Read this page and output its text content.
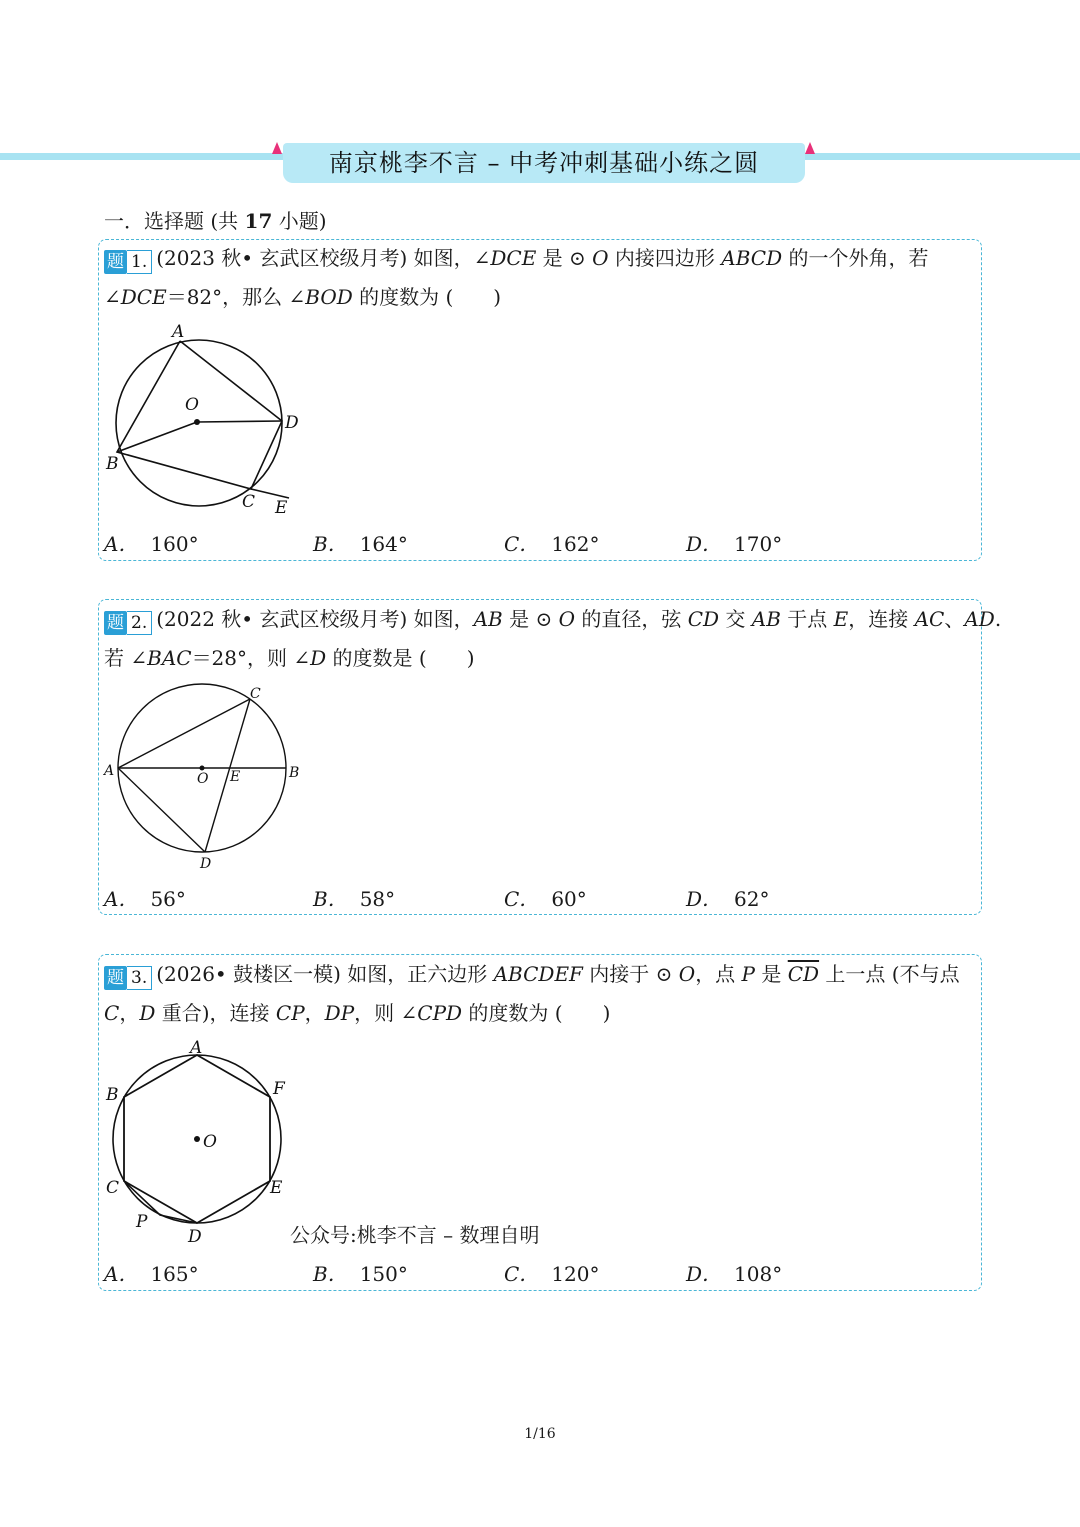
南京桃李不言 – 中考冲刺基础小练之圆
一．选择题 (共 17 小题)
题 1. (2023 秋• 玄武区校级月考) 如图，∠DCE 是 ⊙ O 内接四边形 ABCD 的一个外角，若
∠DCE＝82°，那么 ∠BOD 的度数为 (　　)
A
O
D
B
C E
A． 160°	B． 164°	C． 162°	D． 170°
题 2. (2022 秋• 玄武区校级月考) 如图，AB 是 ⊙ O 的直径，弦 CD 交 AB 于点 E，连接 AC、AD.
若 ∠BAC＝28°，则 ∠D 的度数是 (　　)
A	B
C
D
O E
A． 56°	B． 58°	C． 60°	D． 62°
题 3. (2026• 鼓楼区一模) 如图，正六边形 ABCDEF 内接于 ⊙ O，点 P 是 $\overline{CD}$ 上一点 (不与点
C，D 重合)，连接 CP，DP，则 ∠CPD 的度数为 (　　)
A
B	F
O
C	E
P
D	公众号:桃李不言 – 数理自明
A． 165°	B． 150°	C． 120°	D． 108°
1/16
